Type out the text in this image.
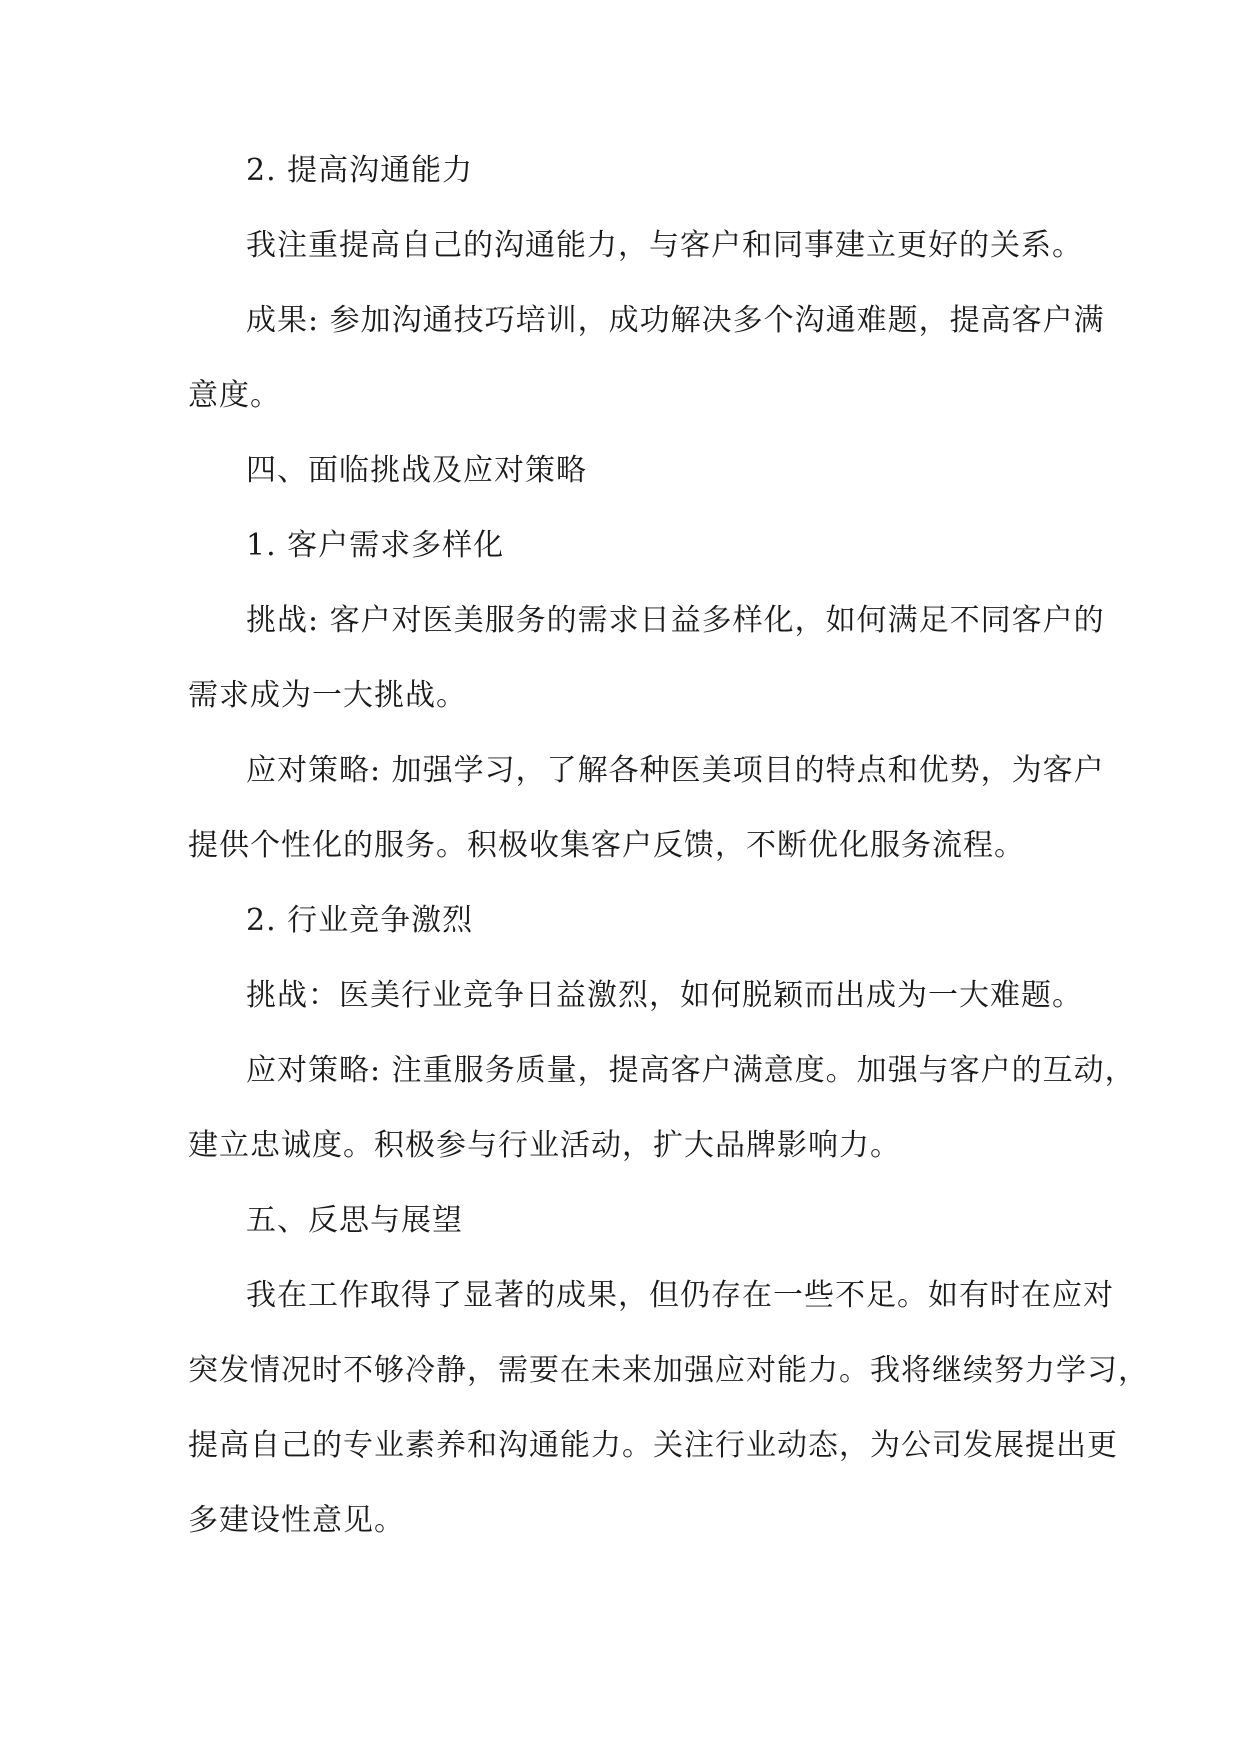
2. 提高沟通能力
我注重提高自己的沟通能力，与客户和同事建立更好的关系。
成果: 参加沟通技巧培训，成功解决多个沟通难题，提高客户满
意度。
四、面临挑战及应对策略
1. 客户需求多样化
挑战: 客户对医美服务的需求日益多样化，如何满足不同客户的
需求成为一大挑战。
应对策略: 加强学习，了解各种医美项目的特点和优势，为客户
提供个性化的服务。积极收集客户反馈，不断优化服务流程。
2. 行业竞争激烈
挑战：医美行业竞争日益激烈，如何脱颖而出成为一大难题。
应对策略: 注重服务质量，提高客户满意度。加强与客户的互动，
建立忠诚度。积极参与行业活动，扩大品牌影响力。
五、反思与展望
我在工作取得了显著的成果，但仍存在一些不足。如有时在应对
突发情况时不够冷静，需要在未来加强应对能力。我将继续努力学习，
提高自己的专业素养和沟通能力。关注行业动态，为公司发展提出更
多建设性意见。
